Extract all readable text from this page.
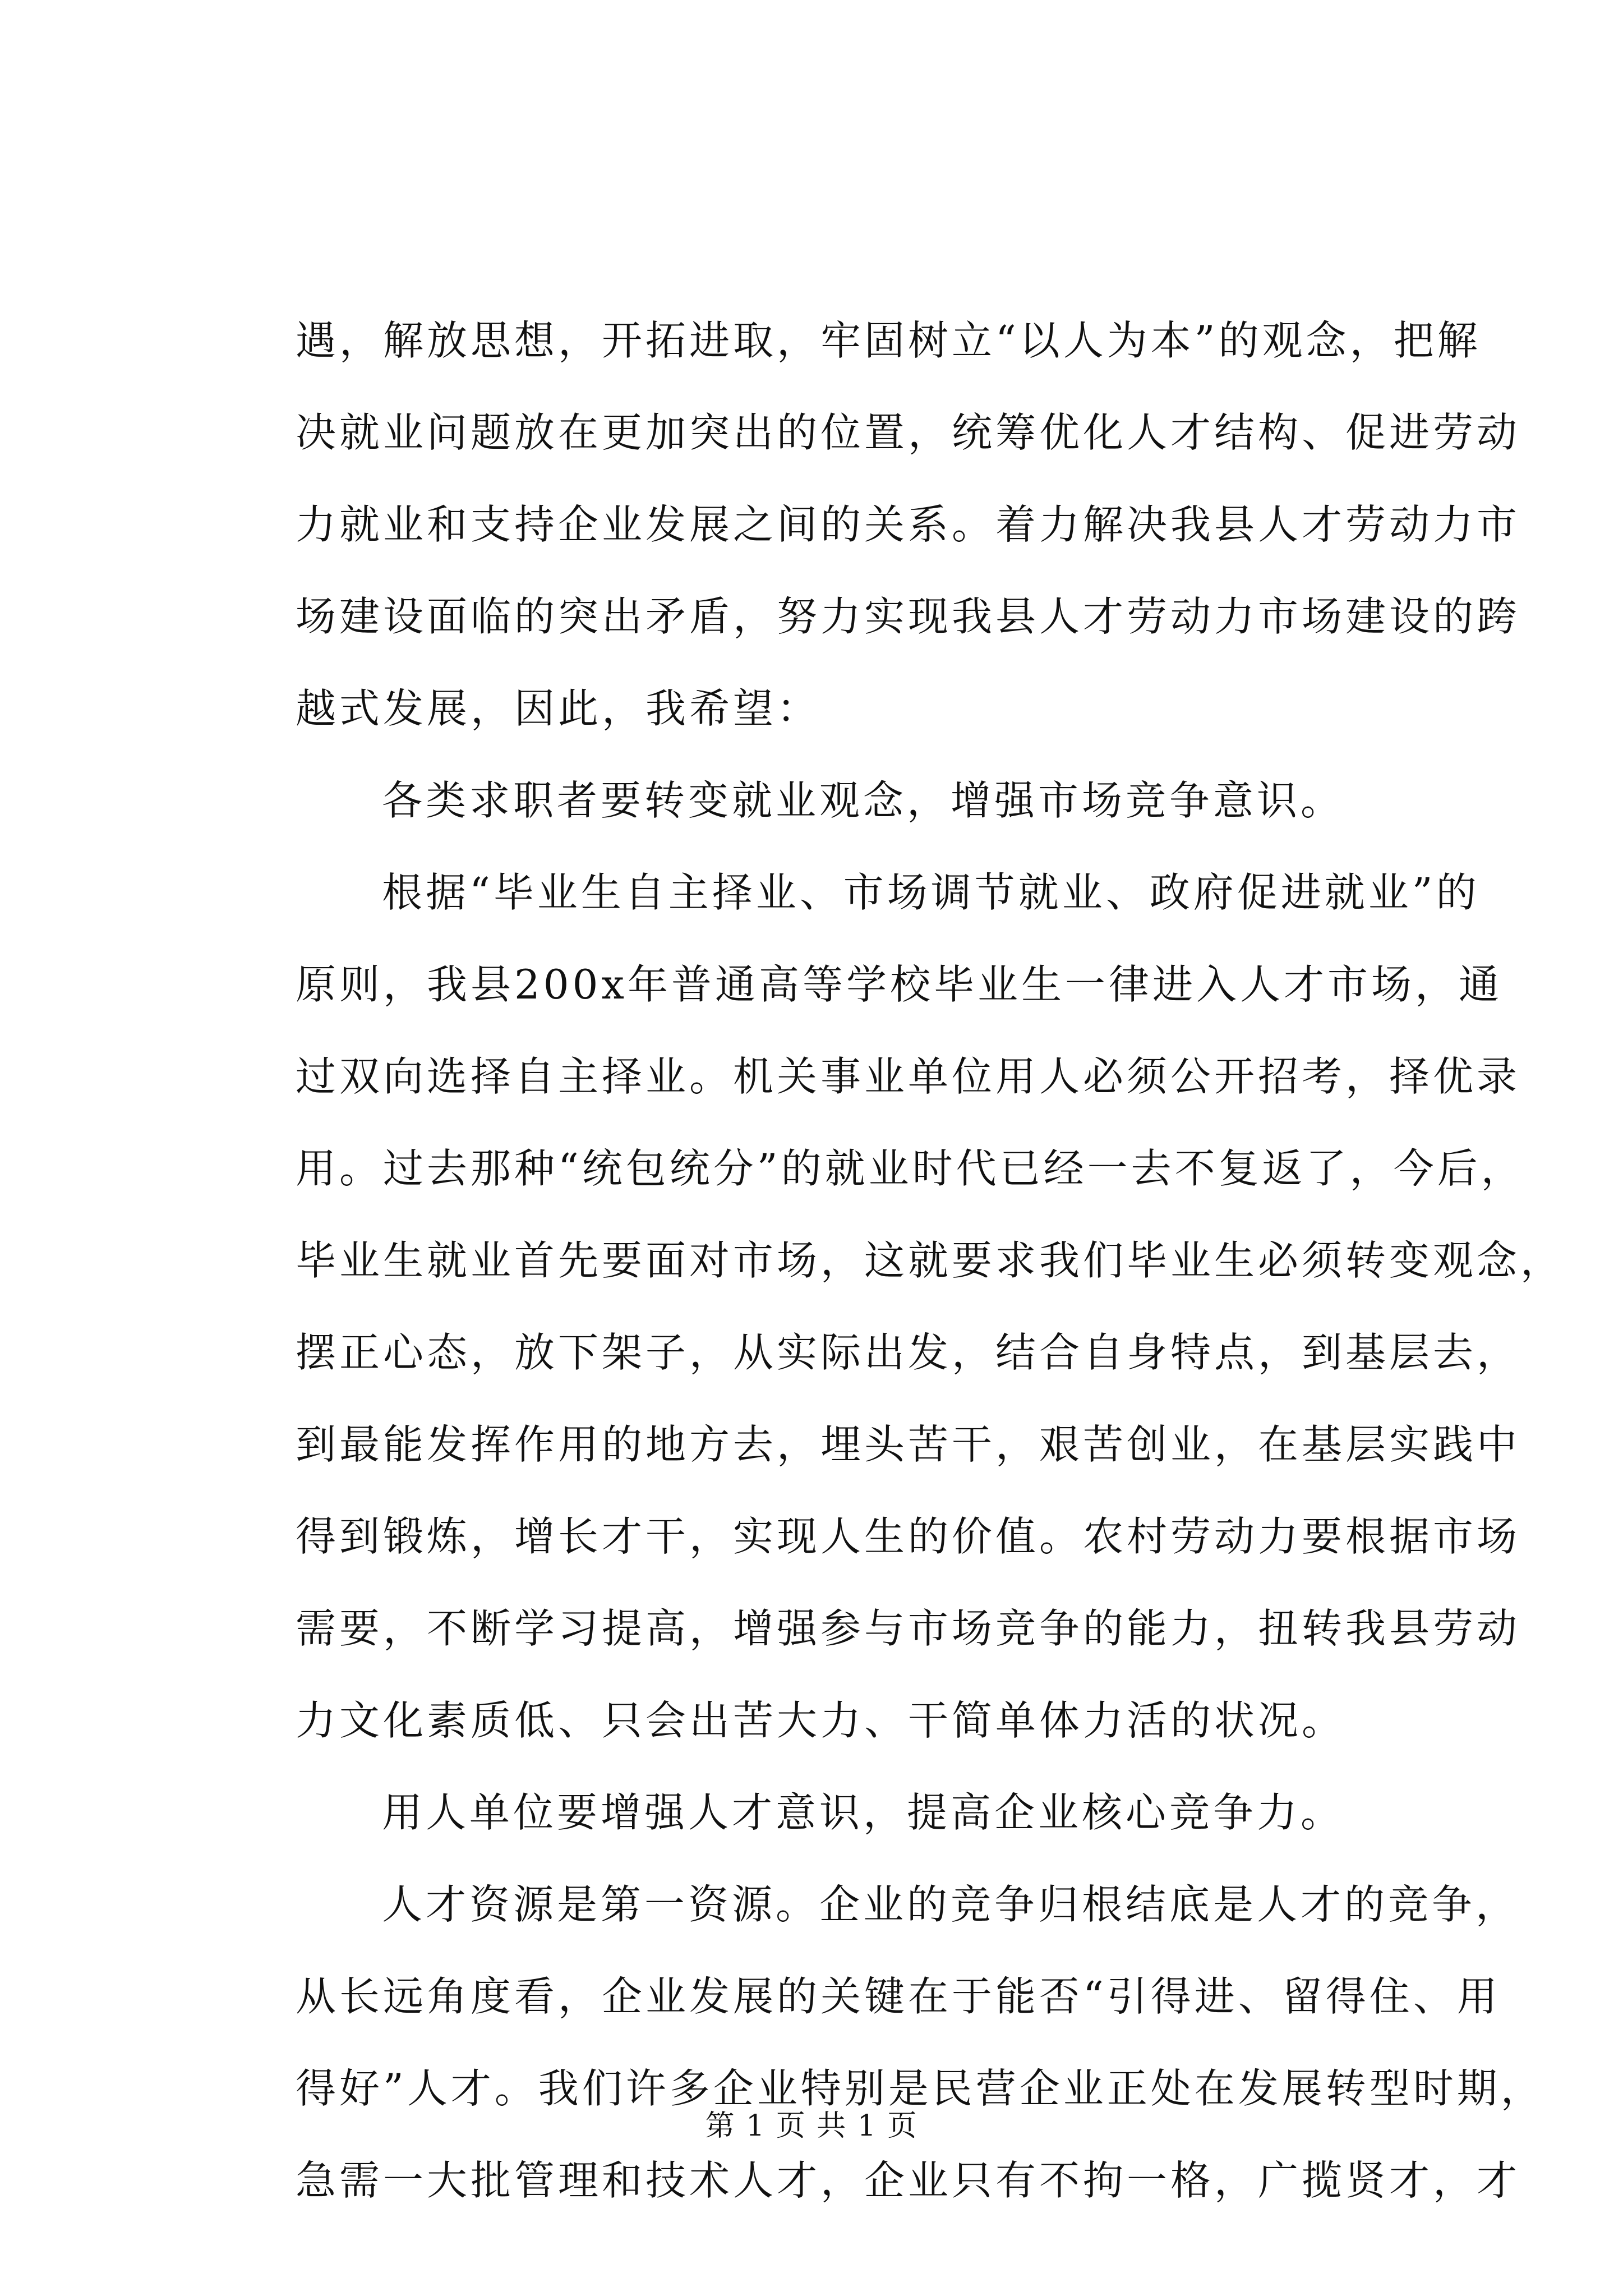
遇，解放思想，开拓进取，牢固树立“以人为本”的观念，把解
决就业问题放在更加突出的位置，统筹优化人才结构、促进劳动
力就业和支持企业发展之间的关系。着力解决我县人才劳动力市
场建设面临的突出矛盾，努力实现我县人才劳动力市场建设的跨
越式发展，因此，我希望：
各类求职者要转变就业观念，增强市场竞争意识。
根据“毕业生自主择业、市场调节就业、政府促进就业”的
原则，我县200x年普通高等学校毕业生一律进入人才市场，通
过双向选择自主择业。机关事业单位用人必须公开招考，择优录
用。过去那种“统包统分”的就业时代已经一去不复返了，今后，
毕业生就业首先要面对市场，这就要求我们毕业生必须转变观念，
摆正心态，放下架子，从实际出发，结合自身特点，到基层去，
到最能发挥作用的地方去，埋头苦干，艰苦创业，在基层实践中
得到锻炼，增长才干，实现人生的价值。农村劳动力要根据市场
需要，不断学习提高，增强参与市场竞争的能力，扭转我县劳动
力文化素质低、只会出苦大力、干简单体力活的状况。
用人单位要增强人才意识，提高企业核心竞争力。
人才资源是第一资源。企业的竞争归根结底是人才的竞争，
从长远角度看，企业发展的关键在于能否“引得进、留得住、用
得好”人才。我们许多企业特别是民营企业正处在发展转型时期，
急需一大批管理和技术人才，企业只有不拘一格，广揽贤才，才
第 1 页 共 1 页
